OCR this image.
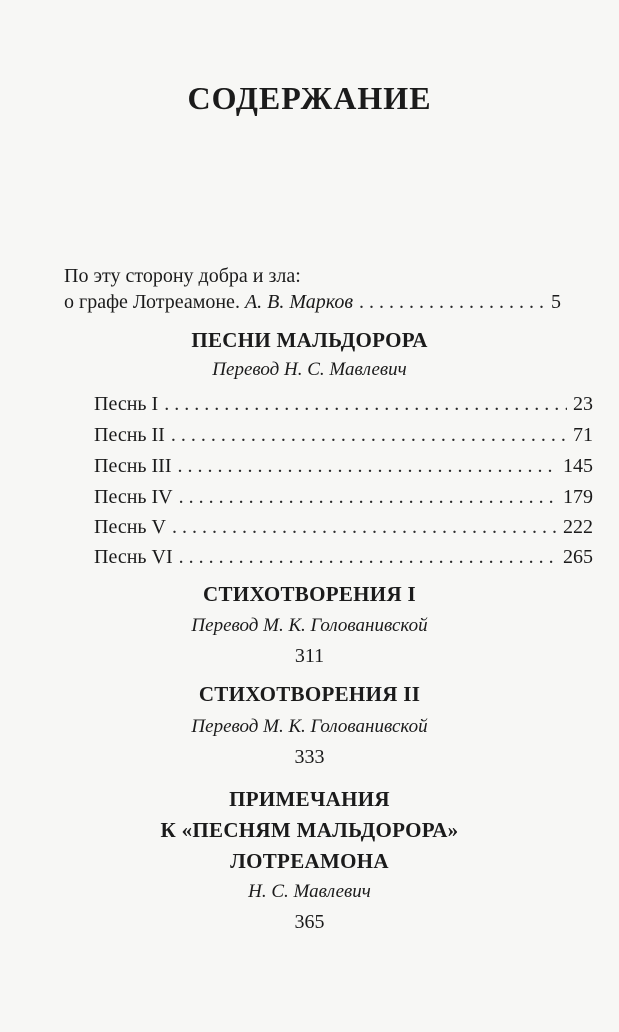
СОДЕРЖАНИЕ
По эту сторону добра и зла:
о графе Лотреамоне. А. В. Марков . . .	5
ПЕСНИ МАЛЬДОРОРА
Перевод Н. С. Мавлевич
Песнь I . . .	23
Песнь II . . .	71
Песнь III . . .	145
Песнь IV . . .	179
Песнь V . . .	222
Песнь VI . . .	265
СТИХОТВОРЕНИЯ I
Перевод М. К. Голованивской
311
СТИХОТВОРЕНИЯ II
Перевод М. К. Голованивской
333
ПРИМЕЧАНИЯ
К «ПЕСНЯМ МАЛЬДОРОРА»
ЛОТРЕАМОНА
Н. С. Мавлевич
365
